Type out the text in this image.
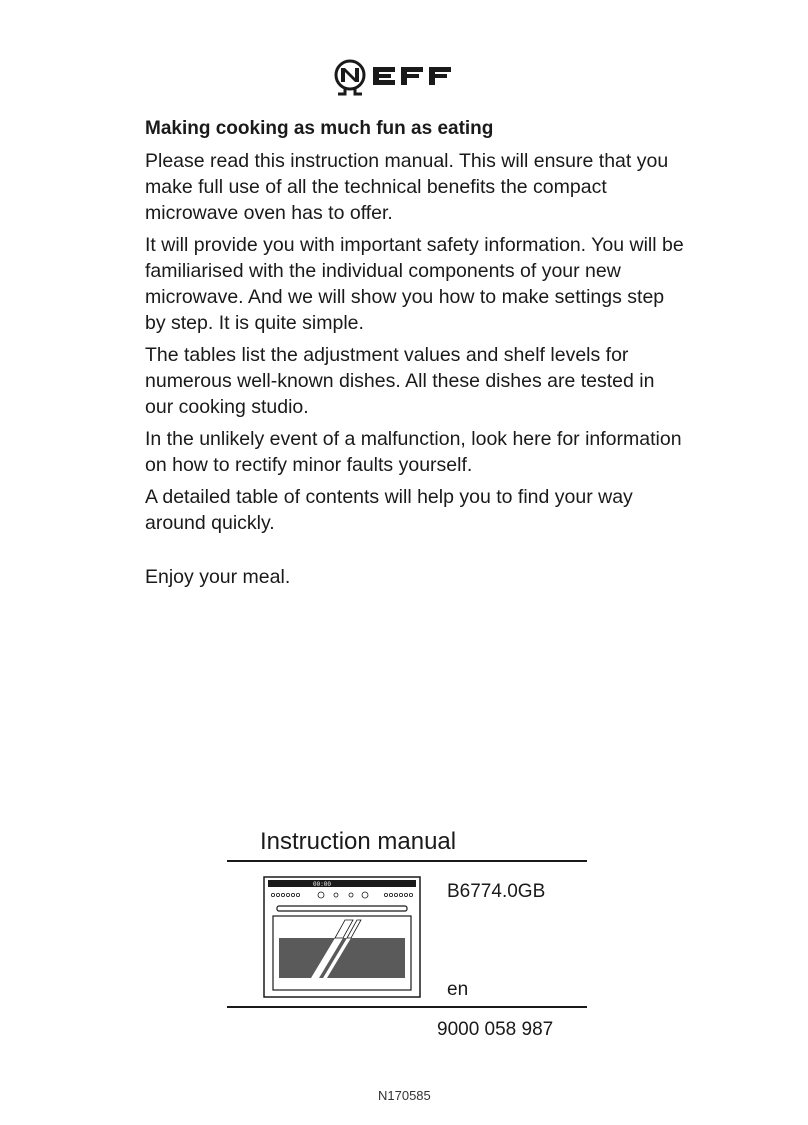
Making cooking as much fun as eating

Please read this instruction manual. This will ensure that you make full use of all the technical benefits the compact microwave oven has to offer.

It will provide you with important safety information. You will be familiarised with the individual components of your new microwave. And we will show you how to make settings step by step. It is quite simple.

The tables list the adjustment values and shelf levels for numerous well-known dishes. All these dishes are tested in our cooking studio.

In the unlikely event of a malfunction, look here for information on how to rectify minor faults yourself.

A detailed table of contents will help you to find your way around quickly.

Enjoy your meal.

Instruction manual
00:00	B6774.0GB
en
9000 058 987
N170585
